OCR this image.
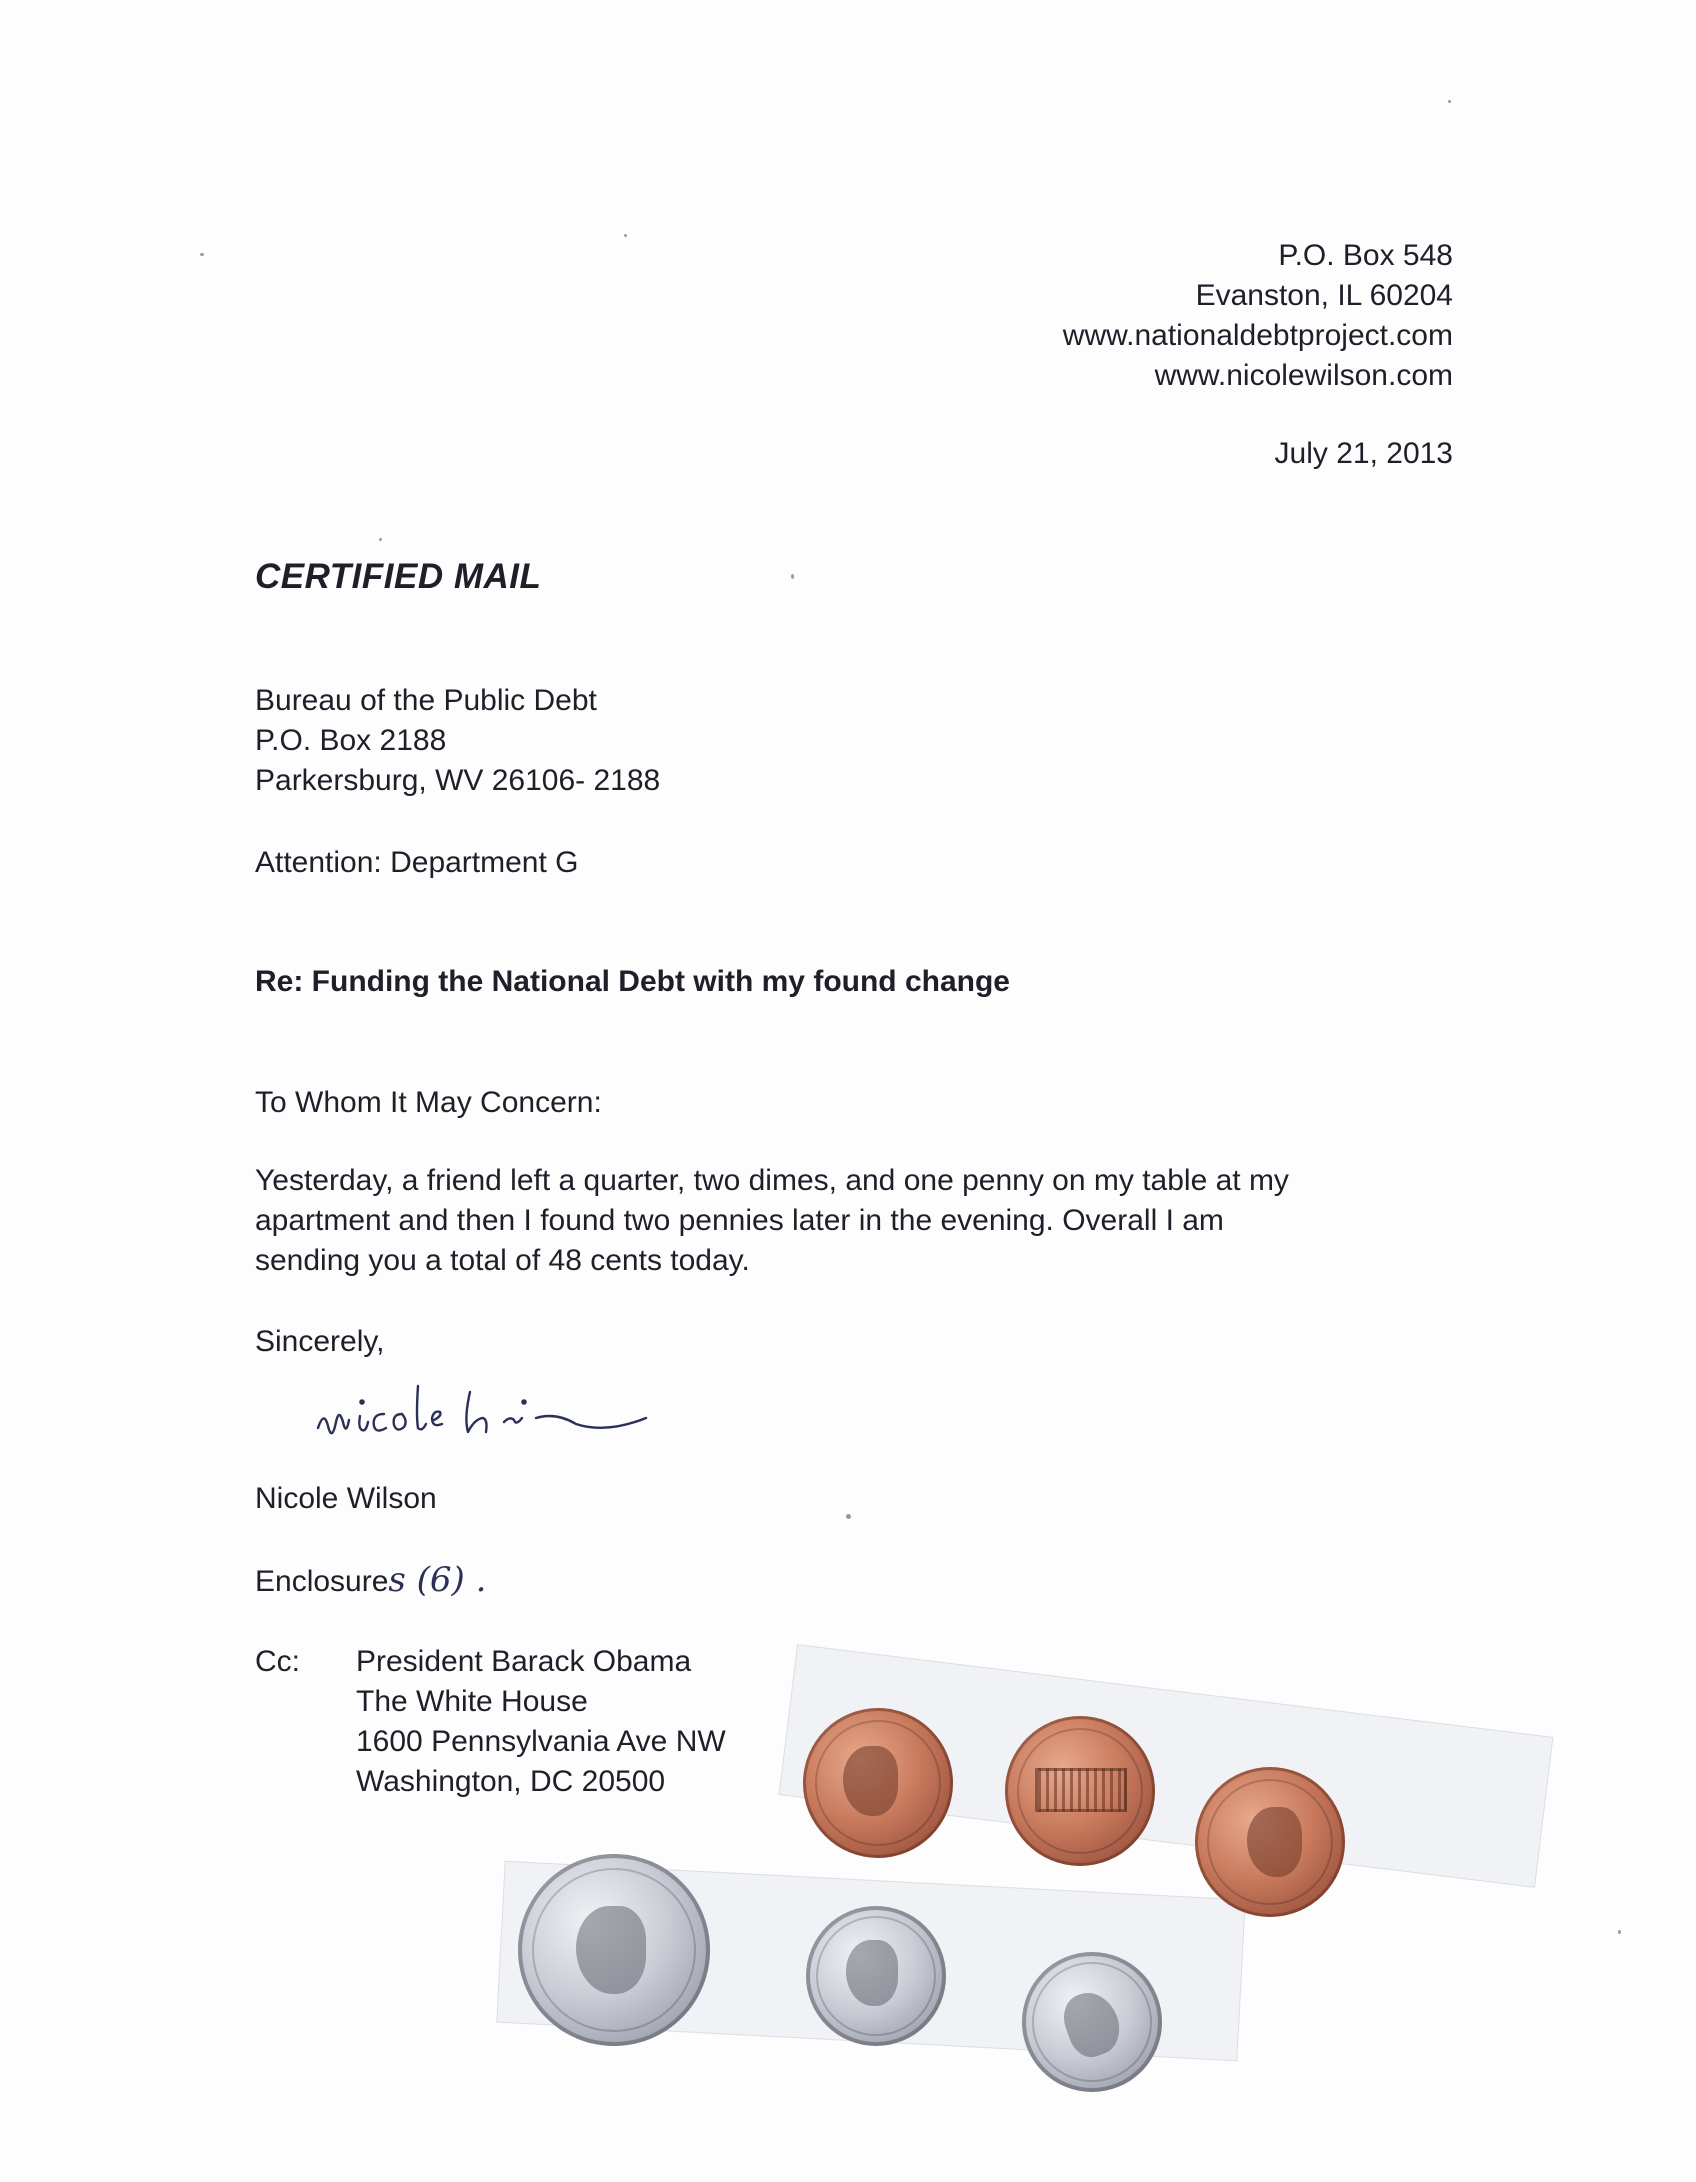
P.O. Box 548
Evanston, IL 60204
www.nationaldebtproject.com
www.nicolewilson.com
July 21, 2013
CERTIFIED MAIL
Bureau of the Public Debt
P.O. Box 2188
Parkersburg, WV 26106- 2188
Attention: Department G
Re: Funding the National Debt with my found change
To Whom It May Concern:
Yesterday, a friend left a quarter, two dimes, and one penny on my table at my
apartment and then I found two pennies later in the evening. Overall I am
sending you a total of 48 cents today.
Sincerely,
Nicole Wilson
Enclosures (6) .
Cc: President Barack Obama
The White House
1600 Pennsylvania Ave NW
Washington, DC 20500
